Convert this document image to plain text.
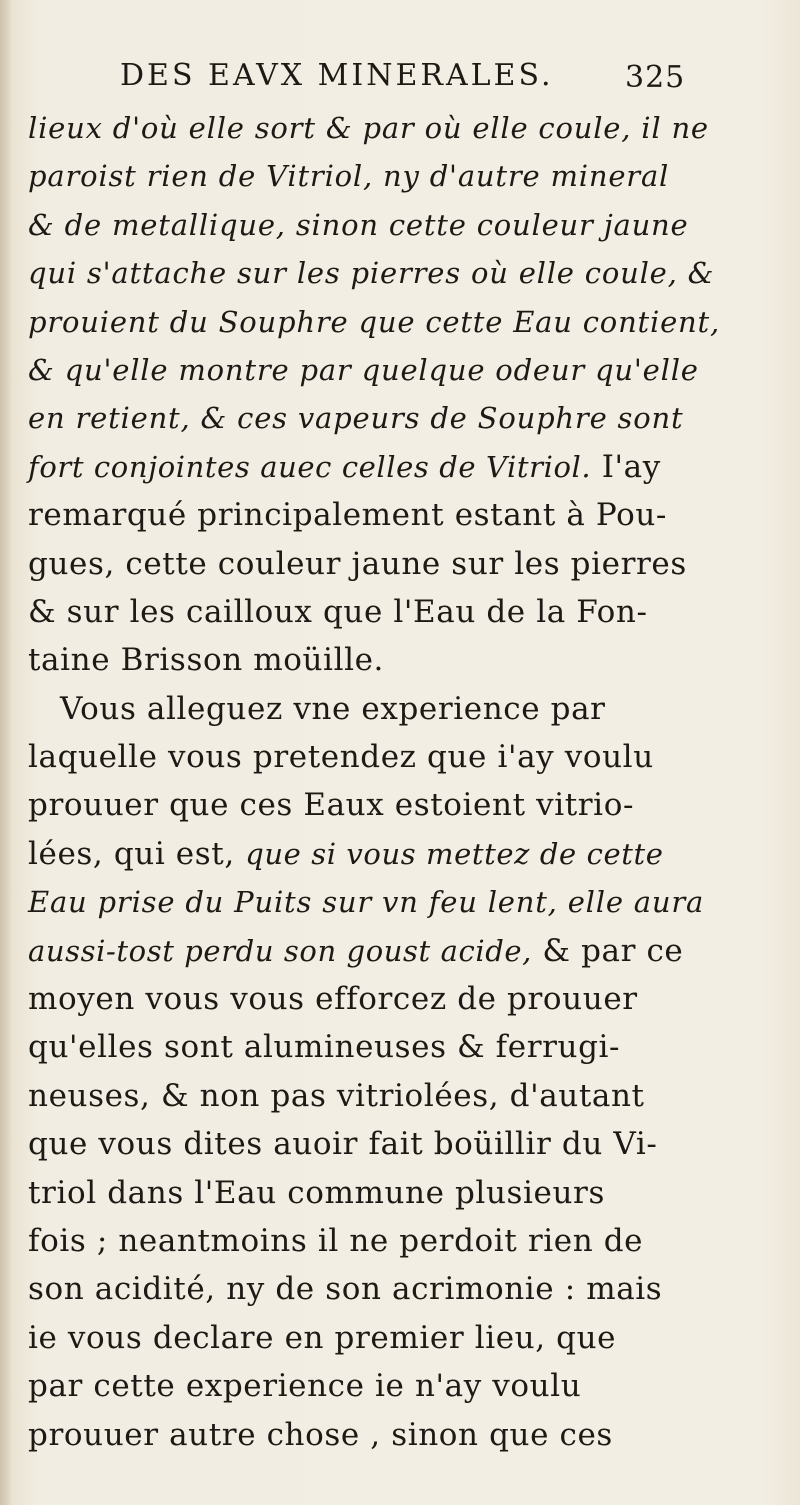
DES EAVX MINERALES. 325
lieux d'où elle sort & par où elle coule, il ne
paroist rien de Vitriol, ny d'autre mineral
& de metallique, sinon cette couleur jaune
qui s'attache sur les pierres où elle coule, &
prouient du Souphre que cette Eau contient,
& qu'elle montre par quelque odeur qu'elle
en retient, & ces vapeurs de Souphre sont
fort conjointes auec celles de Vitriol. I'ay
remarqué principalement estant à Pou-
gues, cette couleur jaune sur les pierres
& sur les cailloux que l'Eau de la Fon-
taine Brisson moüille.
Vous alleguez vne experience par
laquelle vous pretendez que i'ay voulu
prouuer que ces Eaux estoient vitrio-
lées, qui est, que si vous mettez de cette
Eau prise du Puits sur vn feu lent, elle aura
aussi-tost perdu son goust acide, & par ce
moyen vous vous efforcez de prouuer
qu'elles sont alumineuses & ferrugi-
neuses, & non pas vitriolées, d'autant
que vous dites auoir fait boüillir du Vi-
triol dans l'Eau commune plusieurs
fois ; neantmoins il ne perdoit rien de
son acidité, ny de son acrimonie : mais
ie vous declare en premier lieu, que
par cette experience ie n'ay voulu
prouuer autre chose , sinon que ces
